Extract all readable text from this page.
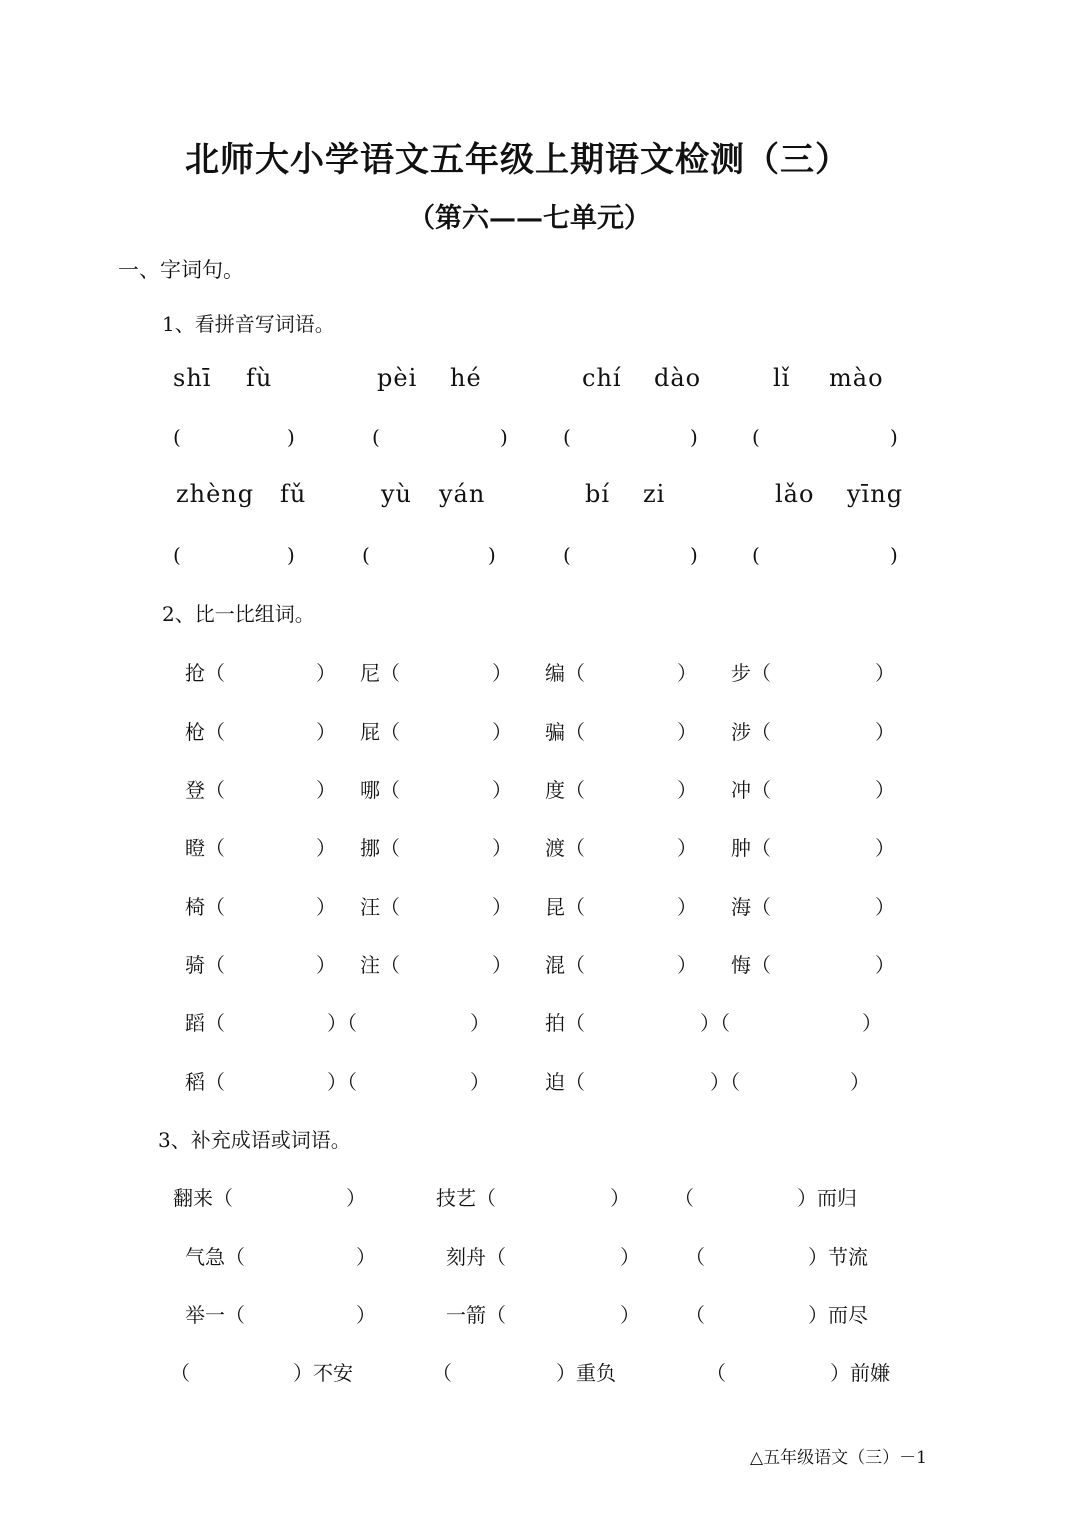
北师大小学语文五年级上期语文检测（三）
（第六——七单元）
一、字词句。
1、看拼音写词语。
shī fù	pèi hé	chí dào	lǐ mào
(	)	(	)	(	)	(	)
zhèng fǔ	yù yán	bí zi	lǎo yīng
(	)	(	)	(	)	(	)
2、比一比组词。
抢（	） 尼（	） 编（	） 步（	）
枪（	） 屁（	） 骗（	） 涉（	）
登（	） 哪（	） 度（	） 冲（	）
瞪（	） 挪（	） 渡（	） 肿（	）
椅（	） 汪（	） 昆（	） 海（	）
骑（	） 注（	） 混（	） 悔（	）
蹈（	）（	）	拍（	）（	）
稻（	）（	）	迫（	）（	）
3、补充成语或词语。
翻来（	）	技艺（	） （	）而归
气急（	）	刻舟（	） （	）节流
举一（	）	一箭（	） （	）而尽
（	）不安	（	）重负	（	）前嫌
△五年级语文（三）－1
